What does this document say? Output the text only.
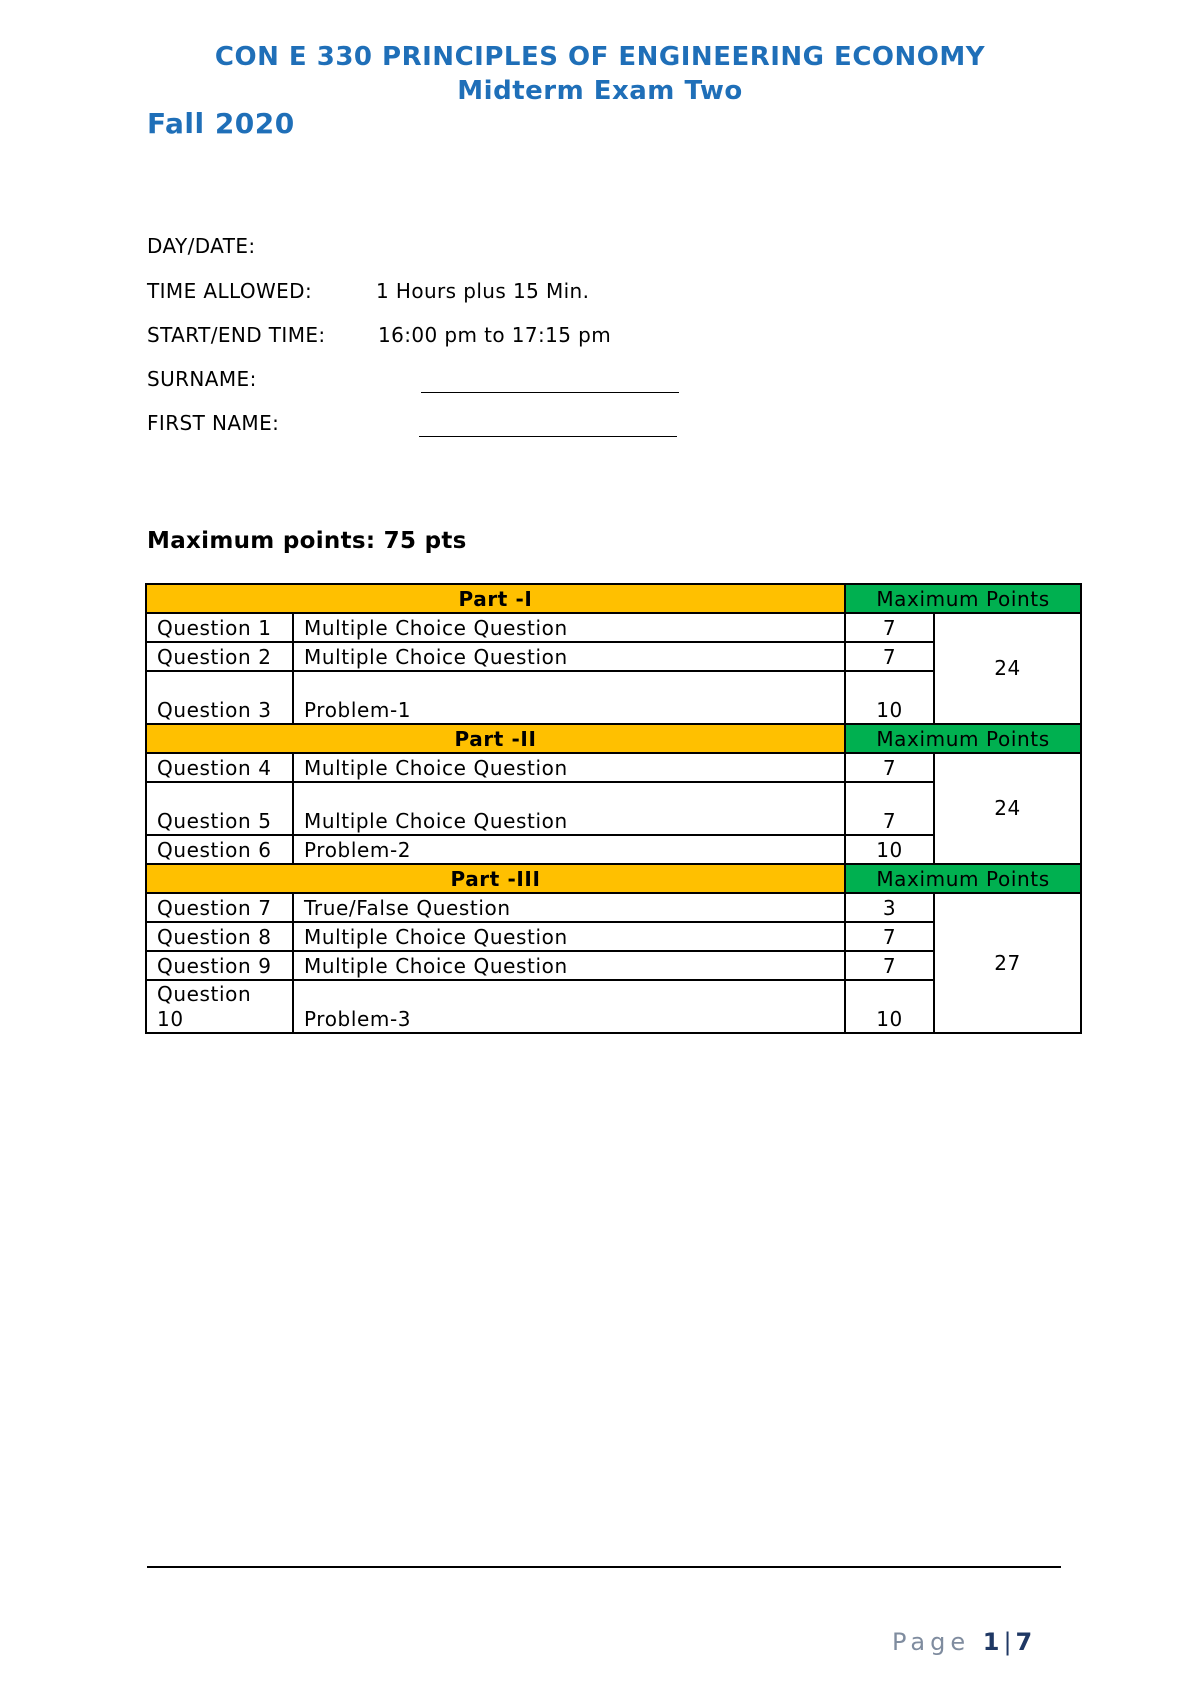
CON E 330 PRINCIPLES OF ENGINEERING ECONOMY
Midterm Exam Two
Fall 2020
DAY/DATE:
TIME ALLOWED:	1 Hours plus 15 Min.
START/END TIME:	16:00 pm to 17:15 pm
SURNAME:
FIRST NAME:
Maximum points: 75 pts
Part -I		Maximum Points	
Question 1	Multiple Choice Question	7	24
Question 2	Multiple Choice Question	7	
Question 3	Problem-1	10	
Part -II		Maximum Points	
Question 4	Multiple Choice Question	7	24
Question 5	Multiple Choice Question	7	
Question 6	Problem-2	10	
Part -III		Maximum Points	
Question 7	True/False Question	3	27
Question 8	Multiple Choice Question	7	
Question 9	Multiple Choice Question	7	
Question 10	Problem-3	10	
Page 1 | 7
